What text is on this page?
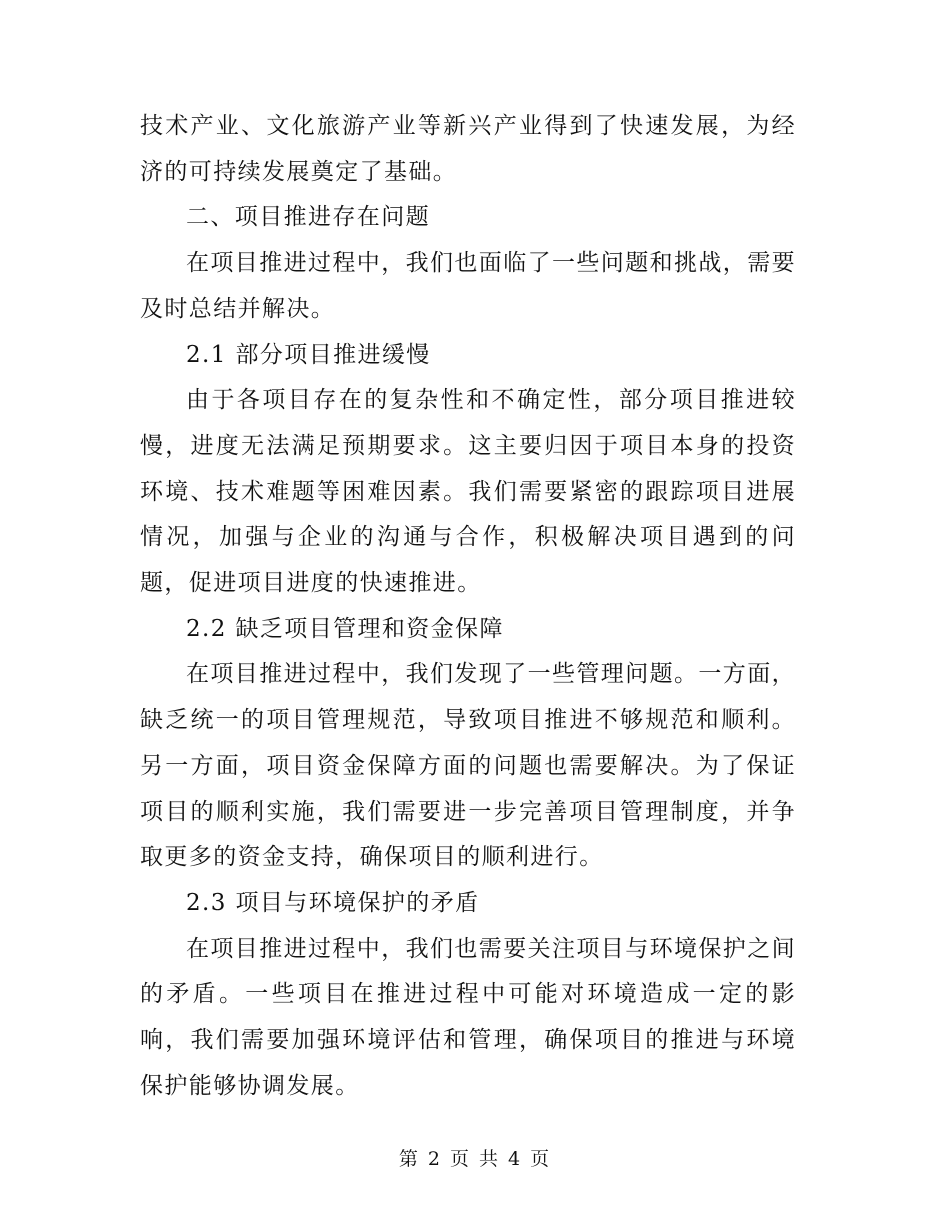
技术产业、文化旅游产业等新兴产业得到了快速发展，为经济的可持续发展奠定了基础。

二、项目推进存在问题

在项目推进过程中，我们也面临了一些问题和挑战，需要及时总结并解决。

2.1 部分项目推进缓慢

由于各项目存在的复杂性和不确定性，部分项目推进较慢，进度无法满足预期要求。这主要归因于项目本身的投资环境、技术难题等困难因素。我们需要紧密的跟踪项目进展情况，加强与企业的沟通与合作，积极解决项目遇到的问题，促进项目进度的快速推进。

2.2 缺乏项目管理和资金保障

在项目推进过程中，我们发现了一些管理问题。一方面，缺乏统一的项目管理规范，导致项目推进不够规范和顺利。另一方面，项目资金保障方面的问题也需要解决。为了保证项目的顺利实施，我们需要进一步完善项目管理制度，并争取更多的资金支持，确保项目的顺利进行。

2.3 项目与环境保护的矛盾

在项目推进过程中，我们也需要关注项目与环境保护之间的矛盾。一些项目在推进过程中可能对环境造成一定的影响，我们需要加强环境评估和管理，确保项目的推进与环境保护能够协调发展。

第 2 页 共 4 页
